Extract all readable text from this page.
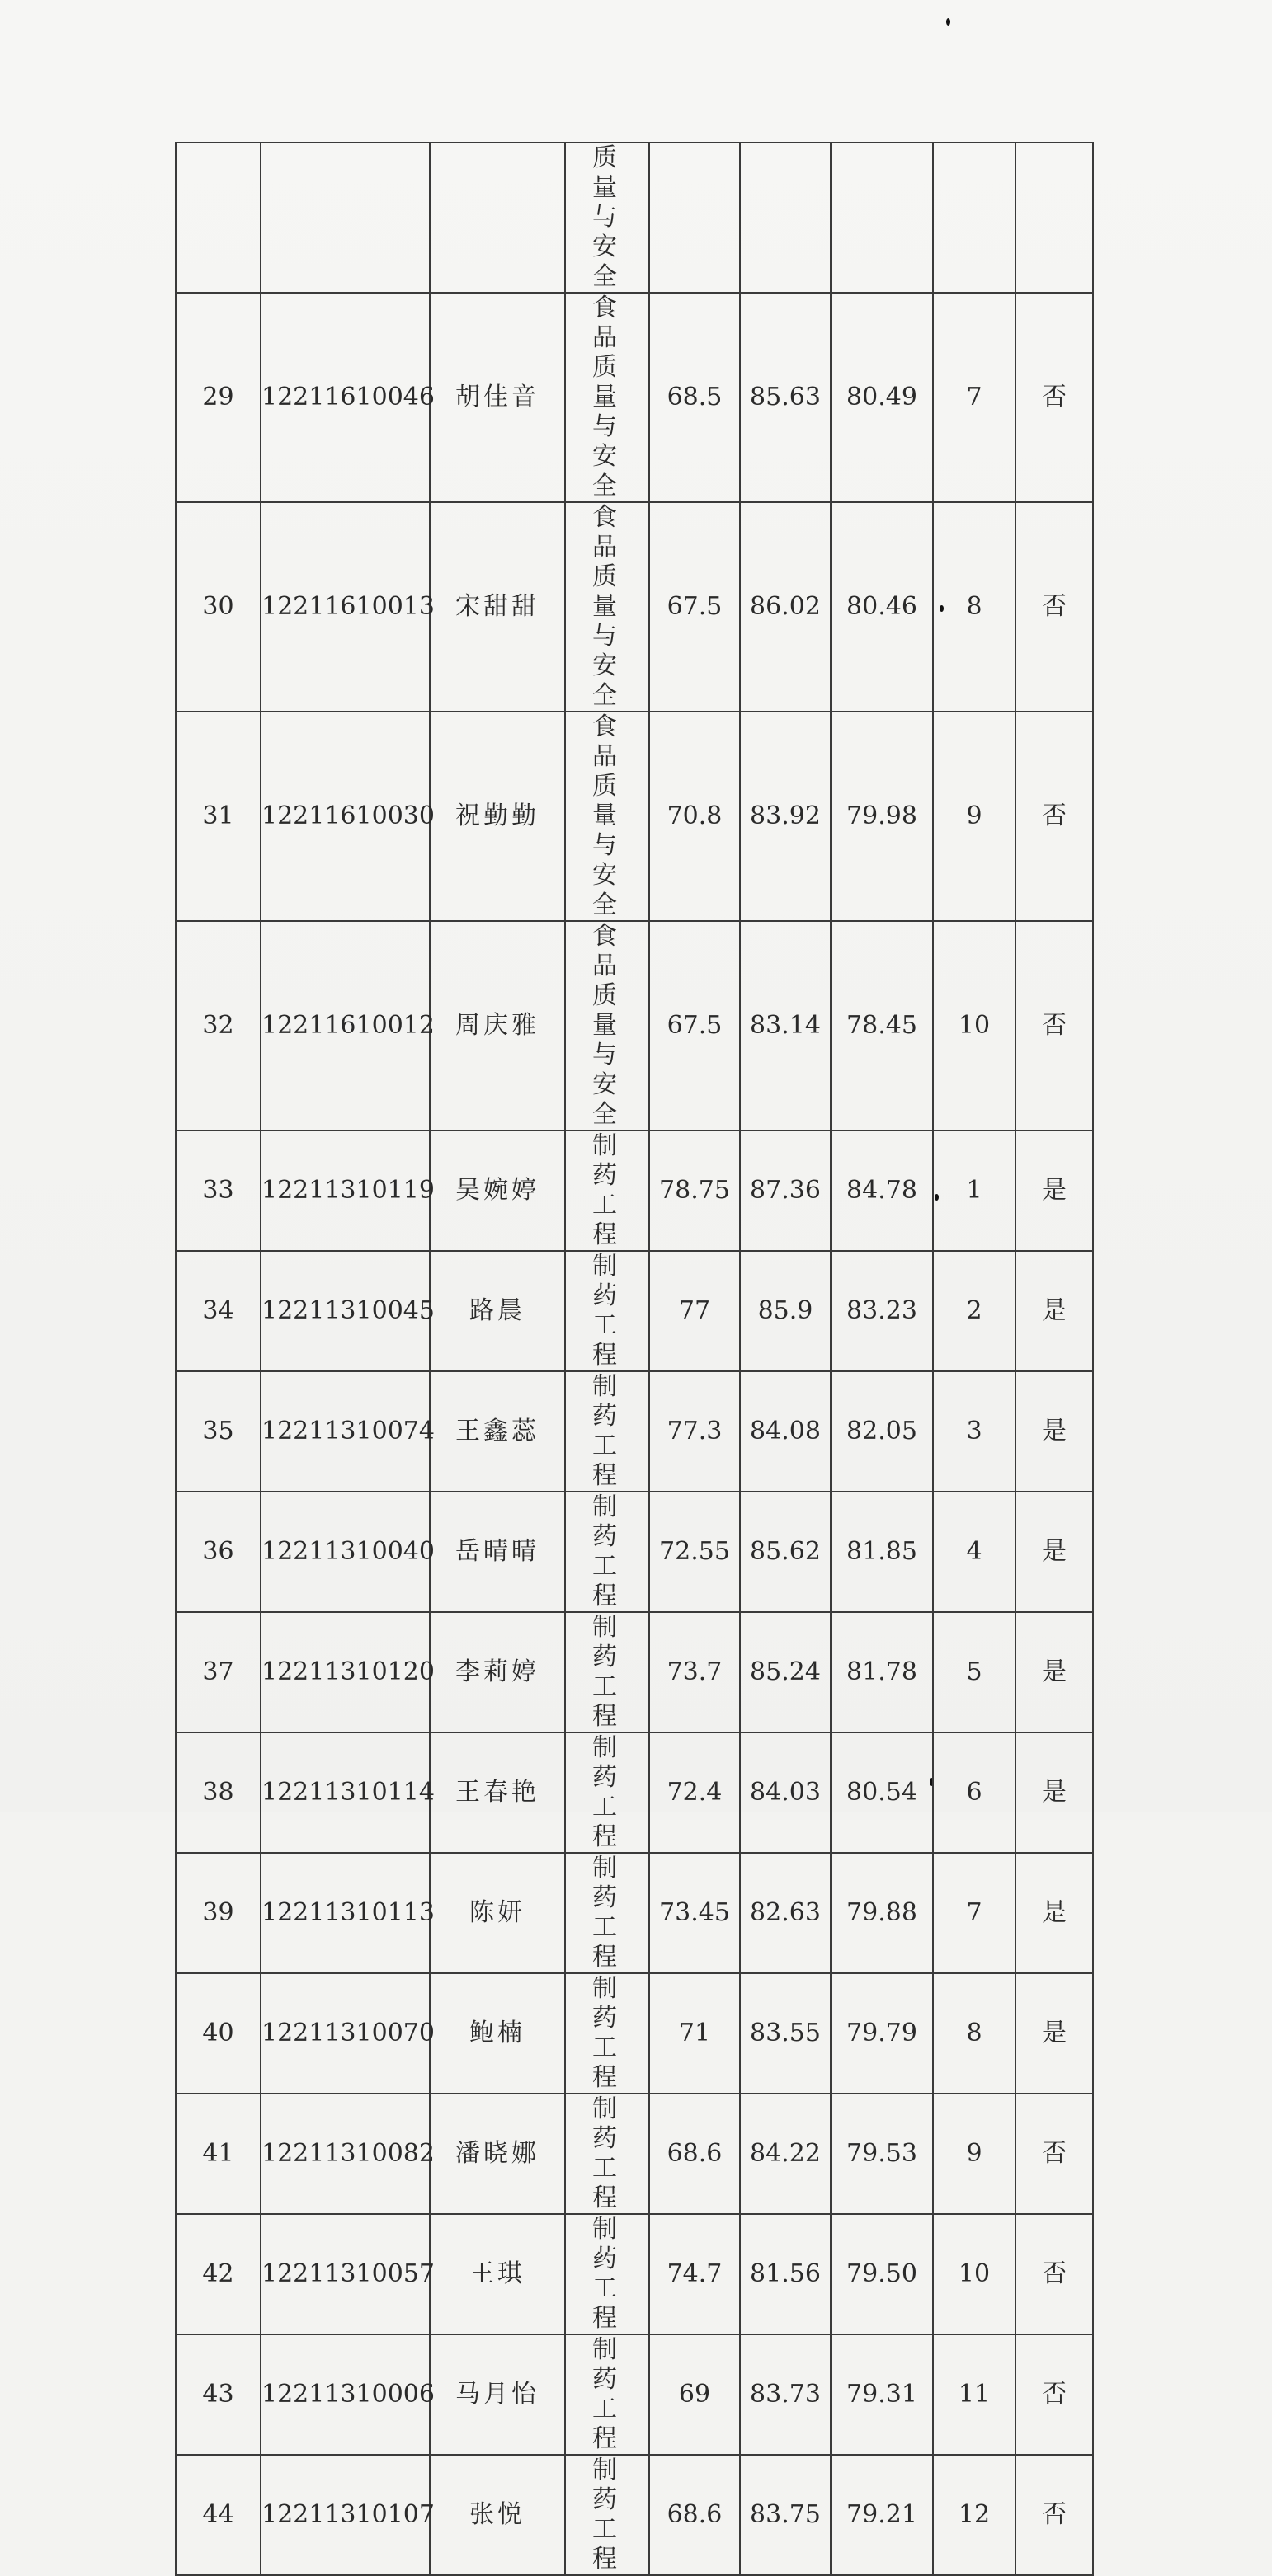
			质量与安全					

29	12211610046	胡佳音	食品质量与安全	68.5	85.63	80.49	7	否
30	12211610013	宋甜甜	食品质量与安全	67.5	86.02	80.46	8	否
31	12211610030	祝勤勤	食品质量与安全	70.8	83.92	79.98	9	否
32	12211610012	周庆雅	食品质量与安全	67.5	83.14	78.45	10	否
33	12211310119	吴婉婷	制药工程	78.75	87.36	84.78	1	是
34	12211310045	路晨	制药工程	77	85.9	83.23	2	是
35	12211310074	王鑫蕊	制药工程	77.3	84.08	82.05	3	是
36	12211310040	岳晴晴	制药工程	72.55	85.62	81.85	4	是
37	12211310120	李莉婷	制药工程	73.7	85.24	81.78	5	是
38	12211310114	王春艳	制药工程	72.4	84.03	80.54	6	是
39	12211310113	陈妍	制药工程	73.45	82.63	79.88	7	是
40	12211310070	鲍楠	制药工程	71	83.55	79.79	8	是
41	12211310082	潘晓娜	制药工程	68.6	84.22	79.53	9	否
42	12211310057	王琪	制药工程	74.7	81.56	79.50	10	否
43	12211310006	马月怡	制药工程	69	83.73	79.31	11	否
44	12211310107	张悦	制药工程	68.6	83.75	79.21	12	否
